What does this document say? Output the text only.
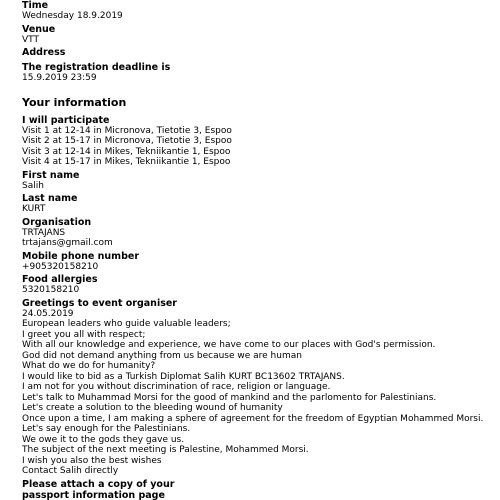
Time

Wednesday 18.9.2019

Venue

VTT

Address

The registration deadline is

15.9.2019 23:59

Your information

I will participate

Visit 1 at 12-14 in Micronova, Tietotie 3, Espoo
Visit 2 at 15-17 in Micronova, Tietotie 3, Espoo
Visit 3 at 12-14 in Mikes, Tekniikantie 1, Espoo
Visit 4 at 15-17 in Mikes, Tekniikantie 1, Espoo

First name

Salih

Last name

KURT

Organisation

TRTAJANS

trtajans@gmail.com

Mobile phone number

+905320158210

Food allergies

5320158210

Greetings to event organiser

24.05.2019
European leaders who guide valuable leaders;
I greet you all with respect;
With all our knowledge and experience, we have come to our places with God's permission.
God did not demand anything from us because we are human
What do we do for humanity?
I would like to bid as a Turkish Diplomat Salih KURT BC13602 TRTAJANS.
I am not for you without discrimination of race, religion or language.
Let's talk to Muhammad Morsi for the good of mankind and the parlomento for Palestinians.
Let's create a solution to the bleeding wound of humanity
Once upon a time, I am making a sphere of agreement for the freedom of Egyptian Mohammed Morsi.
Let's say enough for the Palestinians.
We owe it to the gods they gave us.
The subject of the next meeting is Palestine, Mohammed Morsi.
I wish you also the best wishes
Contact Salih directly

Please attach a copy of your

passport information page
